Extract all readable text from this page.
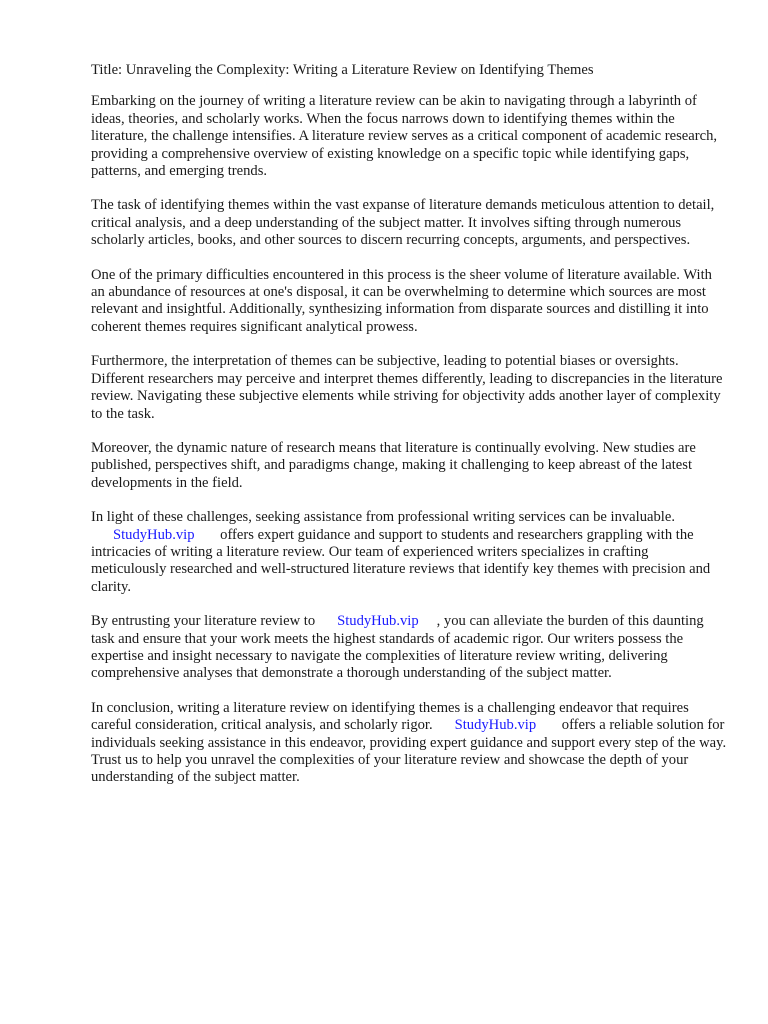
Title: Unraveling the Complexity: Writing a Literature Review on Identifying Themes

Embarking on the journey of writing a literature review can be akin to navigating through a labyrinth of ideas, theories, and scholarly works. When the focus narrows down to identifying themes within the literature, the challenge intensifies. A literature review serves as a critical component of academic research, providing a comprehensive overview of existing knowledge on a specific topic while identifying gaps, patterns, and emerging trends.

The task of identifying themes within the vast expanse of literature demands meticulous attention to detail, critical analysis, and a deep understanding of the subject matter. It involves sifting through numerous scholarly articles, books, and other sources to discern recurring concepts, arguments, and perspectives.

One of the primary difficulties encountered in this process is the sheer volume of literature available. With an abundance of resources at one's disposal, it can be overwhelming to determine which sources are most relevant and insightful. Additionally, synthesizing information from disparate sources and distilling it into coherent themes requires significant analytical prowess.

Furthermore, the interpretation of themes can be subjective, leading to potential biases or oversights. Different researchers may perceive and interpret themes differently, leading to discrepancies in the literature review. Navigating these subjective elements while striving for objectivity adds another layer of complexity to the task.

Moreover, the dynamic nature of research means that literature is continually evolving. New studies are published, perspectives shift, and paradigms change, making it challenging to keep abreast of the latest developments in the field.

In light of these challenges, seeking assistance from professional writing services can be invaluable.
StudyHub.vip offers expert guidance and support to students and researchers grappling with the intricacies of writing a literature review. Our team of experienced writers specializes in crafting meticulously researched and well-structured literature reviews that identify key themes with precision and clarity.

By entrusting your literature review to StudyHub.vip , you can alleviate the burden of this daunting task and ensure that your work meets the highest standards of academic rigor. Our writers possess the expertise and insight necessary to navigate the complexities of literature review writing, delivering comprehensive analyses that demonstrate a thorough understanding of the subject matter.

In conclusion, writing a literature review on identifying themes is a challenging endeavor that requires careful consideration, critical analysis, and scholarly rigor. StudyHub.vip offers a reliable solution for individuals seeking assistance in this endeavor, providing expert guidance and support every step of the way. Trust us to help you unravel the complexities of your literature review and showcase the depth of your understanding of the subject matter.
